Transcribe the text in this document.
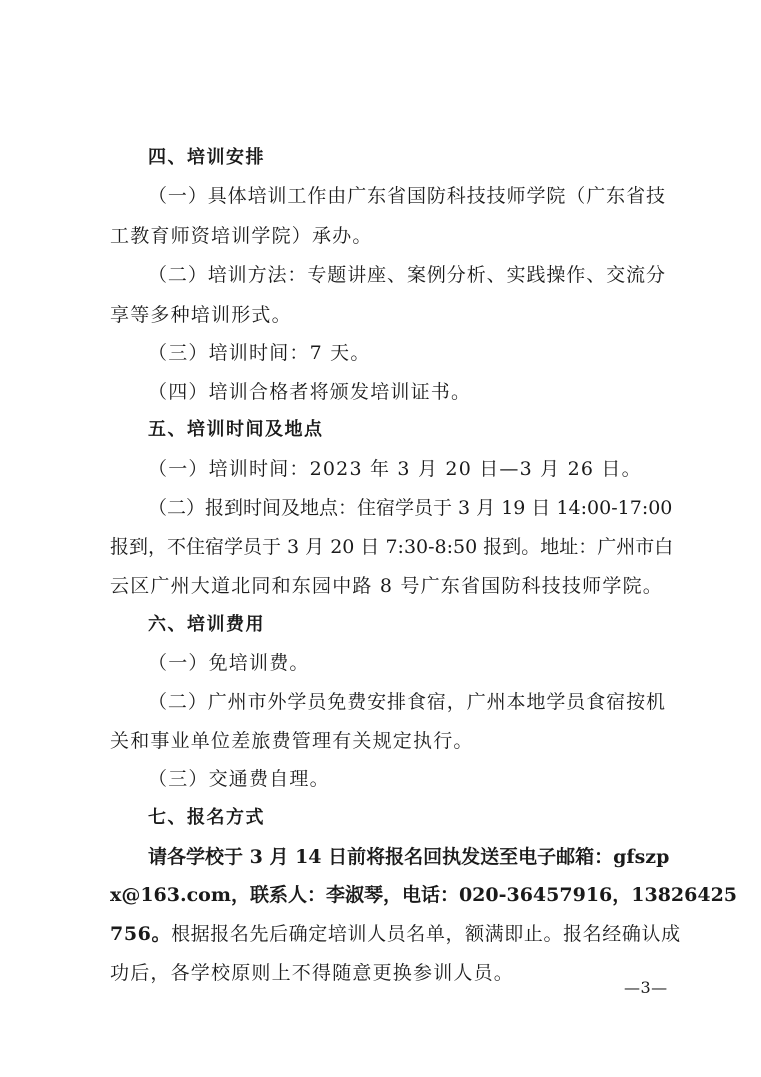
四、培训安排
（一）具体培训工作由广东省国防科技技师学院（广东省技
工教育师资培训学院）承办。
（二）培训方法：专题讲座、案例分析、实践操作、交流分
享等多种培训形式。
（三）培训时间：7 天。
（四）培训合格者将颁发培训证书。
五、培训时间及地点
（一）培训时间：2023 年 3 月 20 日—3 月 26 日。
（二）报到时间及地点：住宿学员于 3 月 19 日 14:00-17:00
报到，不住宿学员于 3 月 20 日 7:30-8:50 报到。地址：广州市白
云区广州大道北同和东园中路 8 号广东省国防科技技师学院。
六、培训费用
（一）免培训费。
（二）广州市外学员免费安排食宿，广州本地学员食宿按机
关和事业单位差旅费管理有关规定执行。
（三）交通费自理。
七、报名方式
请各学校于 3 月 14 日前将报名回执发送至电子邮箱：gfszp
x@163.com，联系人：李淑琴，电话：020-36457916，13826425
756。根据报名先后确定培训人员名单，额满即止。报名经确认成
功后，各学校原则上不得随意更换参训人员。
—3—
